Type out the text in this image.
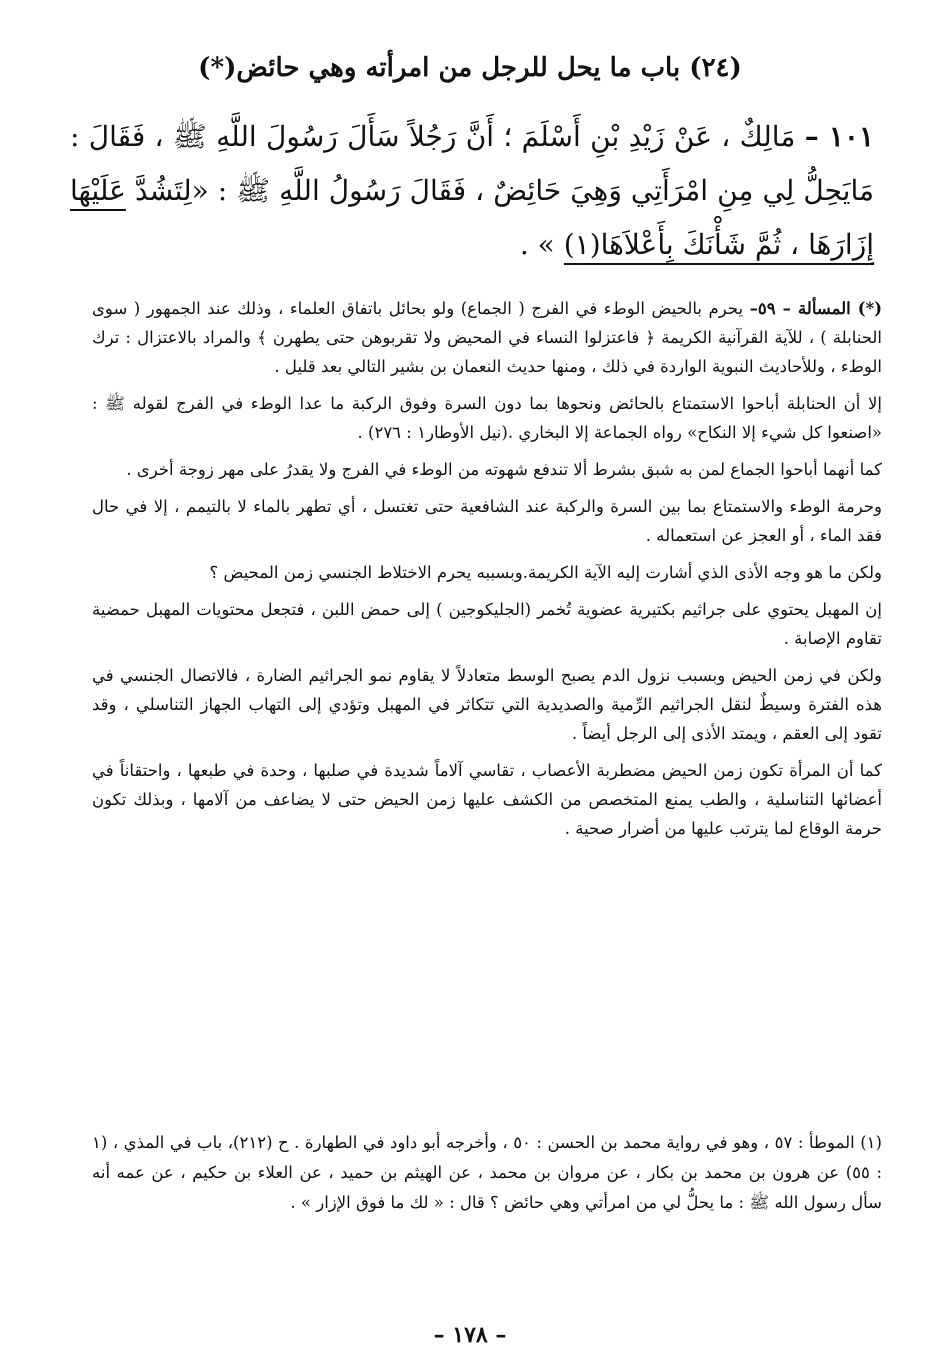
(٢٤) باب ما يحل للرجل من امرأته وهي حائض(*)

١٠١ – مَالِكٌ ، عَنْ زَيْدِ بْنِ أَسْلَمَ ؛ أَنَّ رَجُلاً سَأَلَ رَسُولَ اللَّهِ ﷺ ، فَقَالَ : مَايَحِلُّ لِي مِنِ امْرَأَتِي وَهِيَ حَائِضٌ ، فَقَالَ رَسُولُ اللَّهِ ﷺ : «لِتَشُدَّ عَلَيْهَا إِزَارَهَا ، ثُمَّ شَأْنَكَ بِأَعْلاَهَا(١) » .

(*) المسألة – ٥٩– يحرم بالحيض الوطء في الفرج ( الجماع) ولو بحائل باتفاق العلماء ، وذلك عند الجمهور ( سوى الحنابلة ) ، للآية القرآنية الكريمة ﴿ فاعتزلوا النساء في المحيض ولا تقربوهن حتى يطهرن ﴾ والمراد بالاعتزال : ترك الوطء ، وللأحاديث النبوية الواردة في ذلك ، ومنها حديث النعمان بن بشير التالي بعد قليل .

إلا أن الحنابلة أباحوا الاستمتاع بالحائض ونحوها بما دون السرة وفوق الركبة ما عدا الوطء في الفرج لقوله ﷺ : «اصنعوا كل شيء إلا النكاح» رواه الجماعة إلا البخاري .(نيل الأوطار١ : ٢٧٦) .

كما أنهما أباحوا الجماع لمن به شبق بشرط ألا تندفع شهوته من الوطء في الفرج ولا يقدرُ على مهر زوجة أخرى .

وحرمة الوطء والاستمتاع بما بين السرة والركبة عند الشافعية حتى تغتسل ، أي تطهر بالماء لا بالتيمم ، إلا في حال فقد الماء ، أو العجز عن استعماله .

ولكن ما هو وجه الأذى الذي أشارت إليه الآية الكريمة.وبسببه يحرم الاختلاط الجنسي زمن المحيض ؟

إن المهبل يحتوي على جراثيم بكتيرية عضوية تُخمر (الجليكوجين ) إلى حمض اللبن ، فتجعل محتويات المهبل حمضية تقاوم الإصابة .

ولكن في زمن الحيض وبسبب نزول الدم يصبح الوسط متعادلاً لا يقاوم نمو الجراثيم الضارة ، فالاتصال الجنسي في هذه الفترة وسيطٌ لنقل الجراثيم الرِّمية والصديدية التي تتكاثر في المهبل وتؤدي إلى التهاب الجهاز التناسلي ، وقد تقود إلى العقم ، ويمتد الأذى إلى الرجل أيضاً .

كما أن المرأة تكون زمن الحيض مضطربة الأعصاب ، تقاسي آلاماً شديدة في صلبها ، وحدة في طبعها ، واحتقاناً في أعضائها التناسلية ، والطب يمنع المتخصص من الكشف عليها زمن الحيض حتى لا يضاعف من آلامها ، وبذلك تكون حرمة الوقاع لما يترتب عليها من أضرار صحية .

(١) الموطأ : ٥٧ ، وهو في رواية محمد بن الحسن : ٥٠ ، وأخرجه أبو داود في الطهارة . ح (٢١٢)، باب في المذي ، (١ : ٥٥) عن هرون بن محمد بن بكار ، عن مروان بن محمد ، عن الهيثم بن حميد ، عن العلاء بن حكيم ، عن عمه أنه سأل رسول الله ﷺ : ما يحلُّ لي من امرأتي وهي حائض ؟ قال : « لك ما فوق الإزار » .

– ١٧٨ –
